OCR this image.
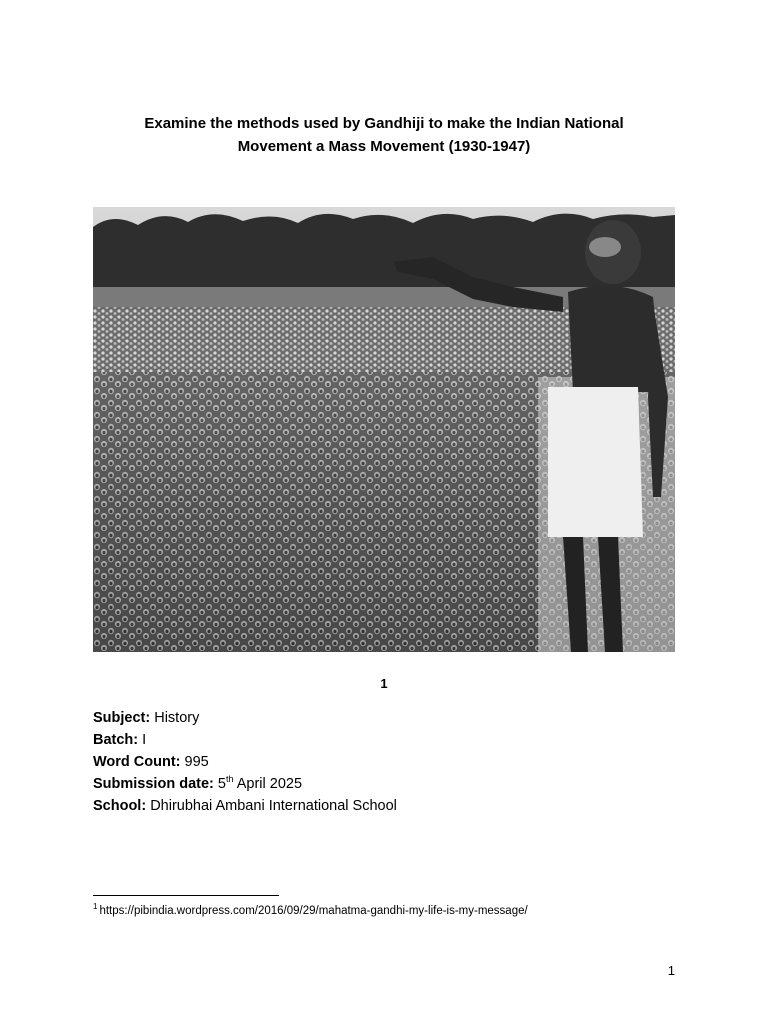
Examine the methods used by Gandhiji to make the Indian National
Movement a Mass Movement (1930-1947)
1
Subject: History
Batch: I
Word Count: 995
Submission date: 5th April 2025
School: Dhirubhai Ambani International School
$^1$ https://pibindia.wordpress.com/2016/09/29/mahatma-gandhi-my-life-is-my-message/
1
